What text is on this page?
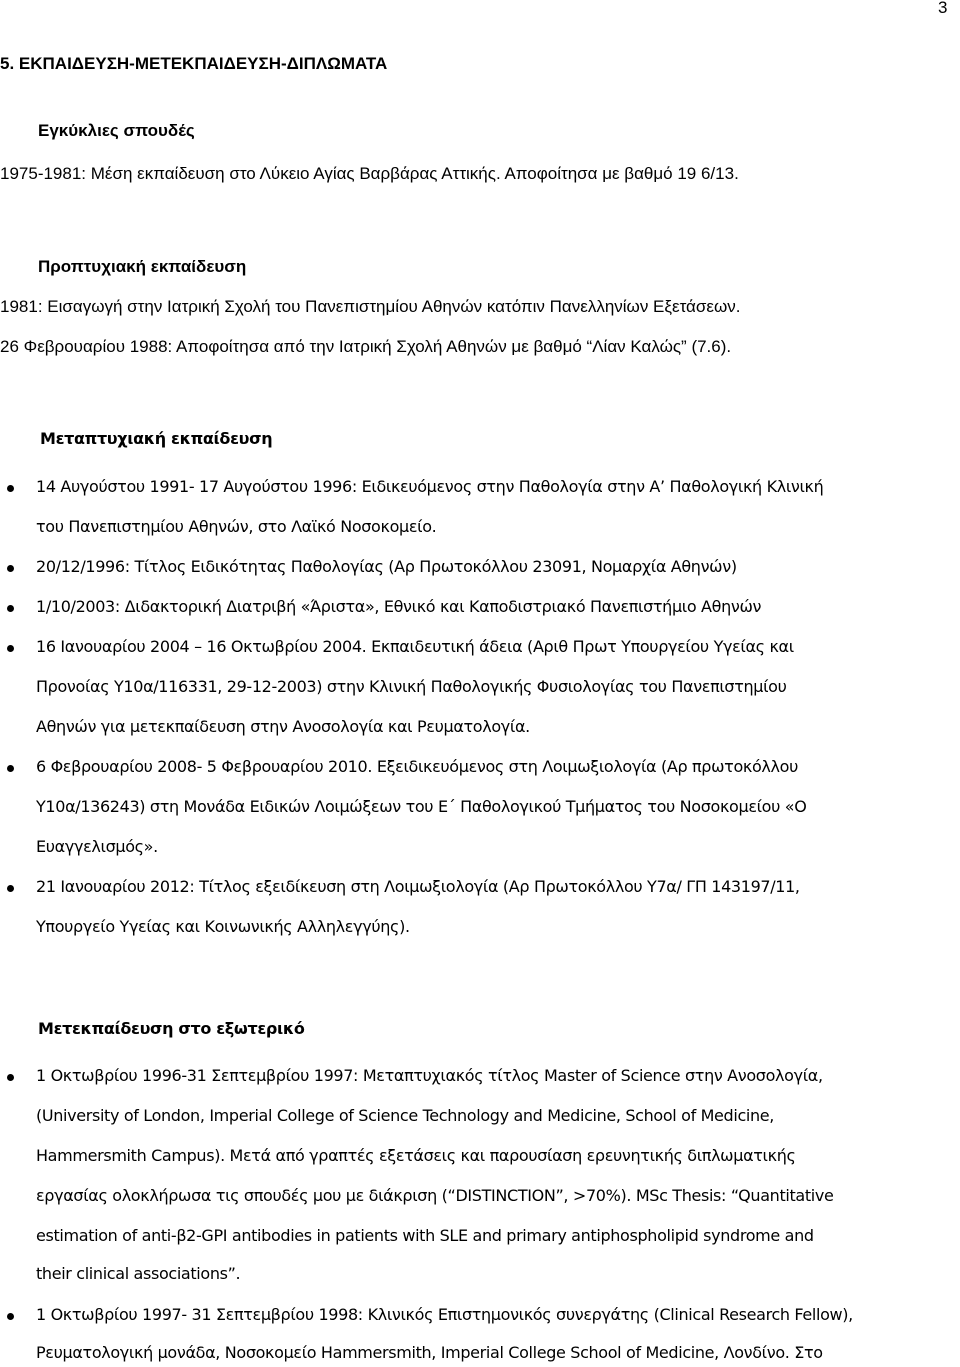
3
5. ΕΚΠΑΙΔΕΥΣΗ-ΜΕΤΕΚΠΑΙΔΕΥΣΗ-ΔΙΠΛΩΜΑΤΑ
Εγκύκλιες σπουδές
1975-1981: Μέση εκπαίδευση στο Λύκειο Αγίας Βαρβάρας Αττικής. Αποφοίτησα με βαθμό 19 6/13.
Προπτυχιακή εκπαίδευση
1981: Εισαγωγή στην Ιατρική Σχολή του Πανεπιστημίου Αθηνών κατόπιν Πανελληνίων Εξετάσεων.
26 Φεβρουαρίου 1988: Αποφοίτησα από την Ιατρική Σχολή Αθηνών με βαθμό “Λίαν Καλώς” (7.6).
Μεταπτυχιακή εκπαίδευση
14 Αυγούστου 1991- 17 Αυγούστου 1996: Ειδικευόμενος στην Παθολογία στην Α’ Παθολογική Κλινική
του Πανεπιστημίου Αθηνών, στο Λαϊκό Νοσοκομείο.
20/12/1996: Τίτλος Ειδικότητας Παθολογίας (Αρ Πρωτοκόλλου 23091, Νομαρχία Αθηνών)
1/10/2003: Διδακτορική Διατριβή «Άριστα», Εθνικό και Καποδιστριακό Πανεπιστήμιο Αθηνών
16 Ιανουαρίου 2004 – 16 Οκτωβρίου 2004. Εκπαιδευτική άδεια (Αριθ Πρωτ Υπουργείου Υγείας και
Προνοίας Υ10α/116331, 29-12-2003) στην Κλινική Παθολογικής Φυσιολογίας του Πανεπιστημίου
Αθηνών για μετεκπαίδευση στην Ανοσολογία και Ρευματολογία.
6 Φεβρουαρίου 2008- 5 Φεβρουαρίου 2010. Εξειδικευόμενος στη Λοιμωξιολογία (Αρ πρωτοκόλλου
Υ10α/136243) στη Μονάδα Ειδικών Λοιμώξεων του Ε΄ Παθολογικού Τμήματος του Νοσοκομείου «Ο
Ευαγγελισμός».
21 Ιανουαρίου 2012: Τίτλος εξειδίκευση στη Λοιμωξιολογία (Αρ Πρωτοκόλλου Υ7α/ ΓΠ 143197/11,
Υπουργείο Υγείας και Κοινωνικής Αλληλεγγύης).
Μετεκπαίδευση στο εξωτερικό
1 Οκτωβρίου 1996-31 Σεπτεμβρίου 1997: Μεταπτυχιακός τίτλος Master of Science στην Ανοσολογία,
(University of London, Imperial College of Science Technology and Medicine, School of Medicine,
Hammersmith Campus). Μετά από γραπτές εξετάσεις και παρουσίαση ερευνητικής διπλωματικής
εργασίας ολοκλήρωσα τις σπουδές μου με διάκριση (“DISTINCTION”, >70%). MSc Thesis: “Quantitative
estimation of anti-β2-GPI antibodies in patients with SLE and primary antiphospholipid syndrome and
their clinical associations”.
1 Οκτωβρίου 1997- 31 Σεπτεμβρίου 1998: Κλινικός Επιστημονικός συνεργάτης (Clinical Research Fellow),
Ρευματολογική μονάδα, Νοσοκομείο Hammersmith, Imperial College School of Medicine, Λονδίνο. Στο
